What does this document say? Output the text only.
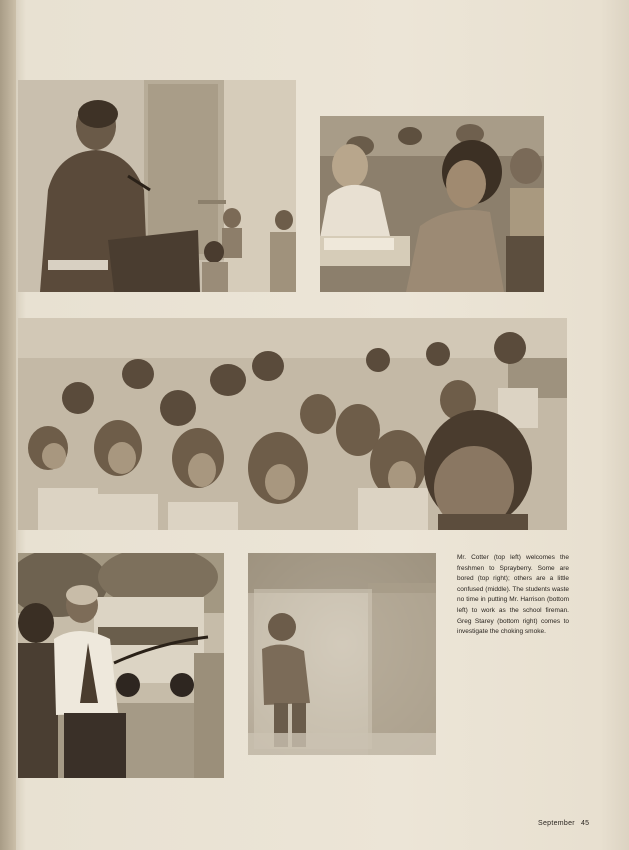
Mr. Cotter (top left) welcomes the freshmen to Sprayberry. Some are bored (top right); others are a little confused (middle). The students waste no time in putting Mr. Harrison (bottom left) to work as the school fireman. Greg Starey (bottom right) comes to investigate the choking smoke.

September 45
